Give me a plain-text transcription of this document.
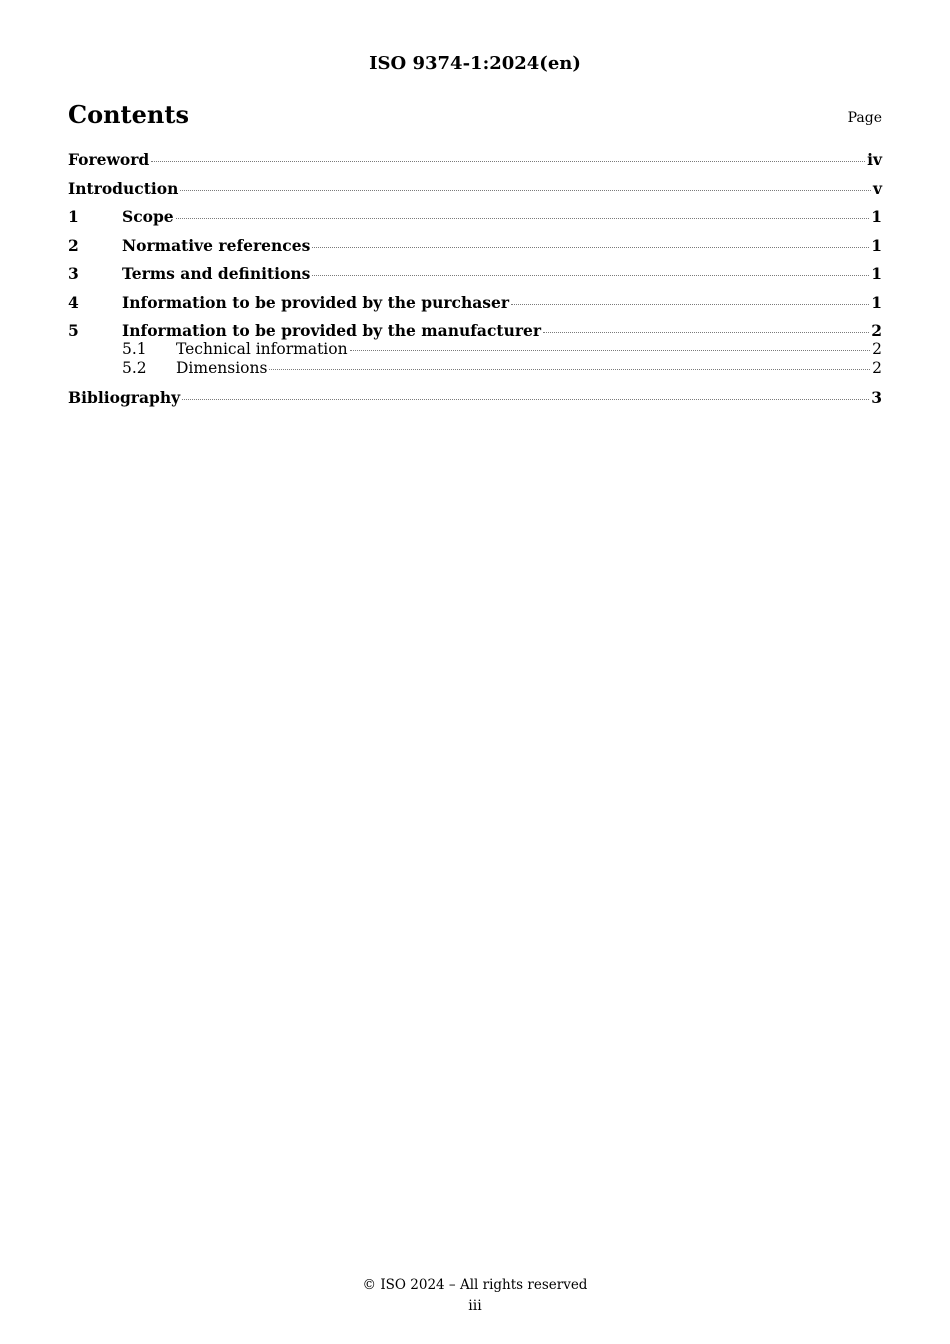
ISO 9374-1:2024(en)
Contents	Page
Foreword	iv
Introduction	v
1	Scope	1
2	Normative references	1
3	Terms and definitions	1
4	Information to be provided by the purchaser	1
5	Information to be provided by the manufacturer	2
5.1	Technical information	2
5.2	Dimensions	2
Bibliography	3
© ISO 2024 – All rights reserved
iii
